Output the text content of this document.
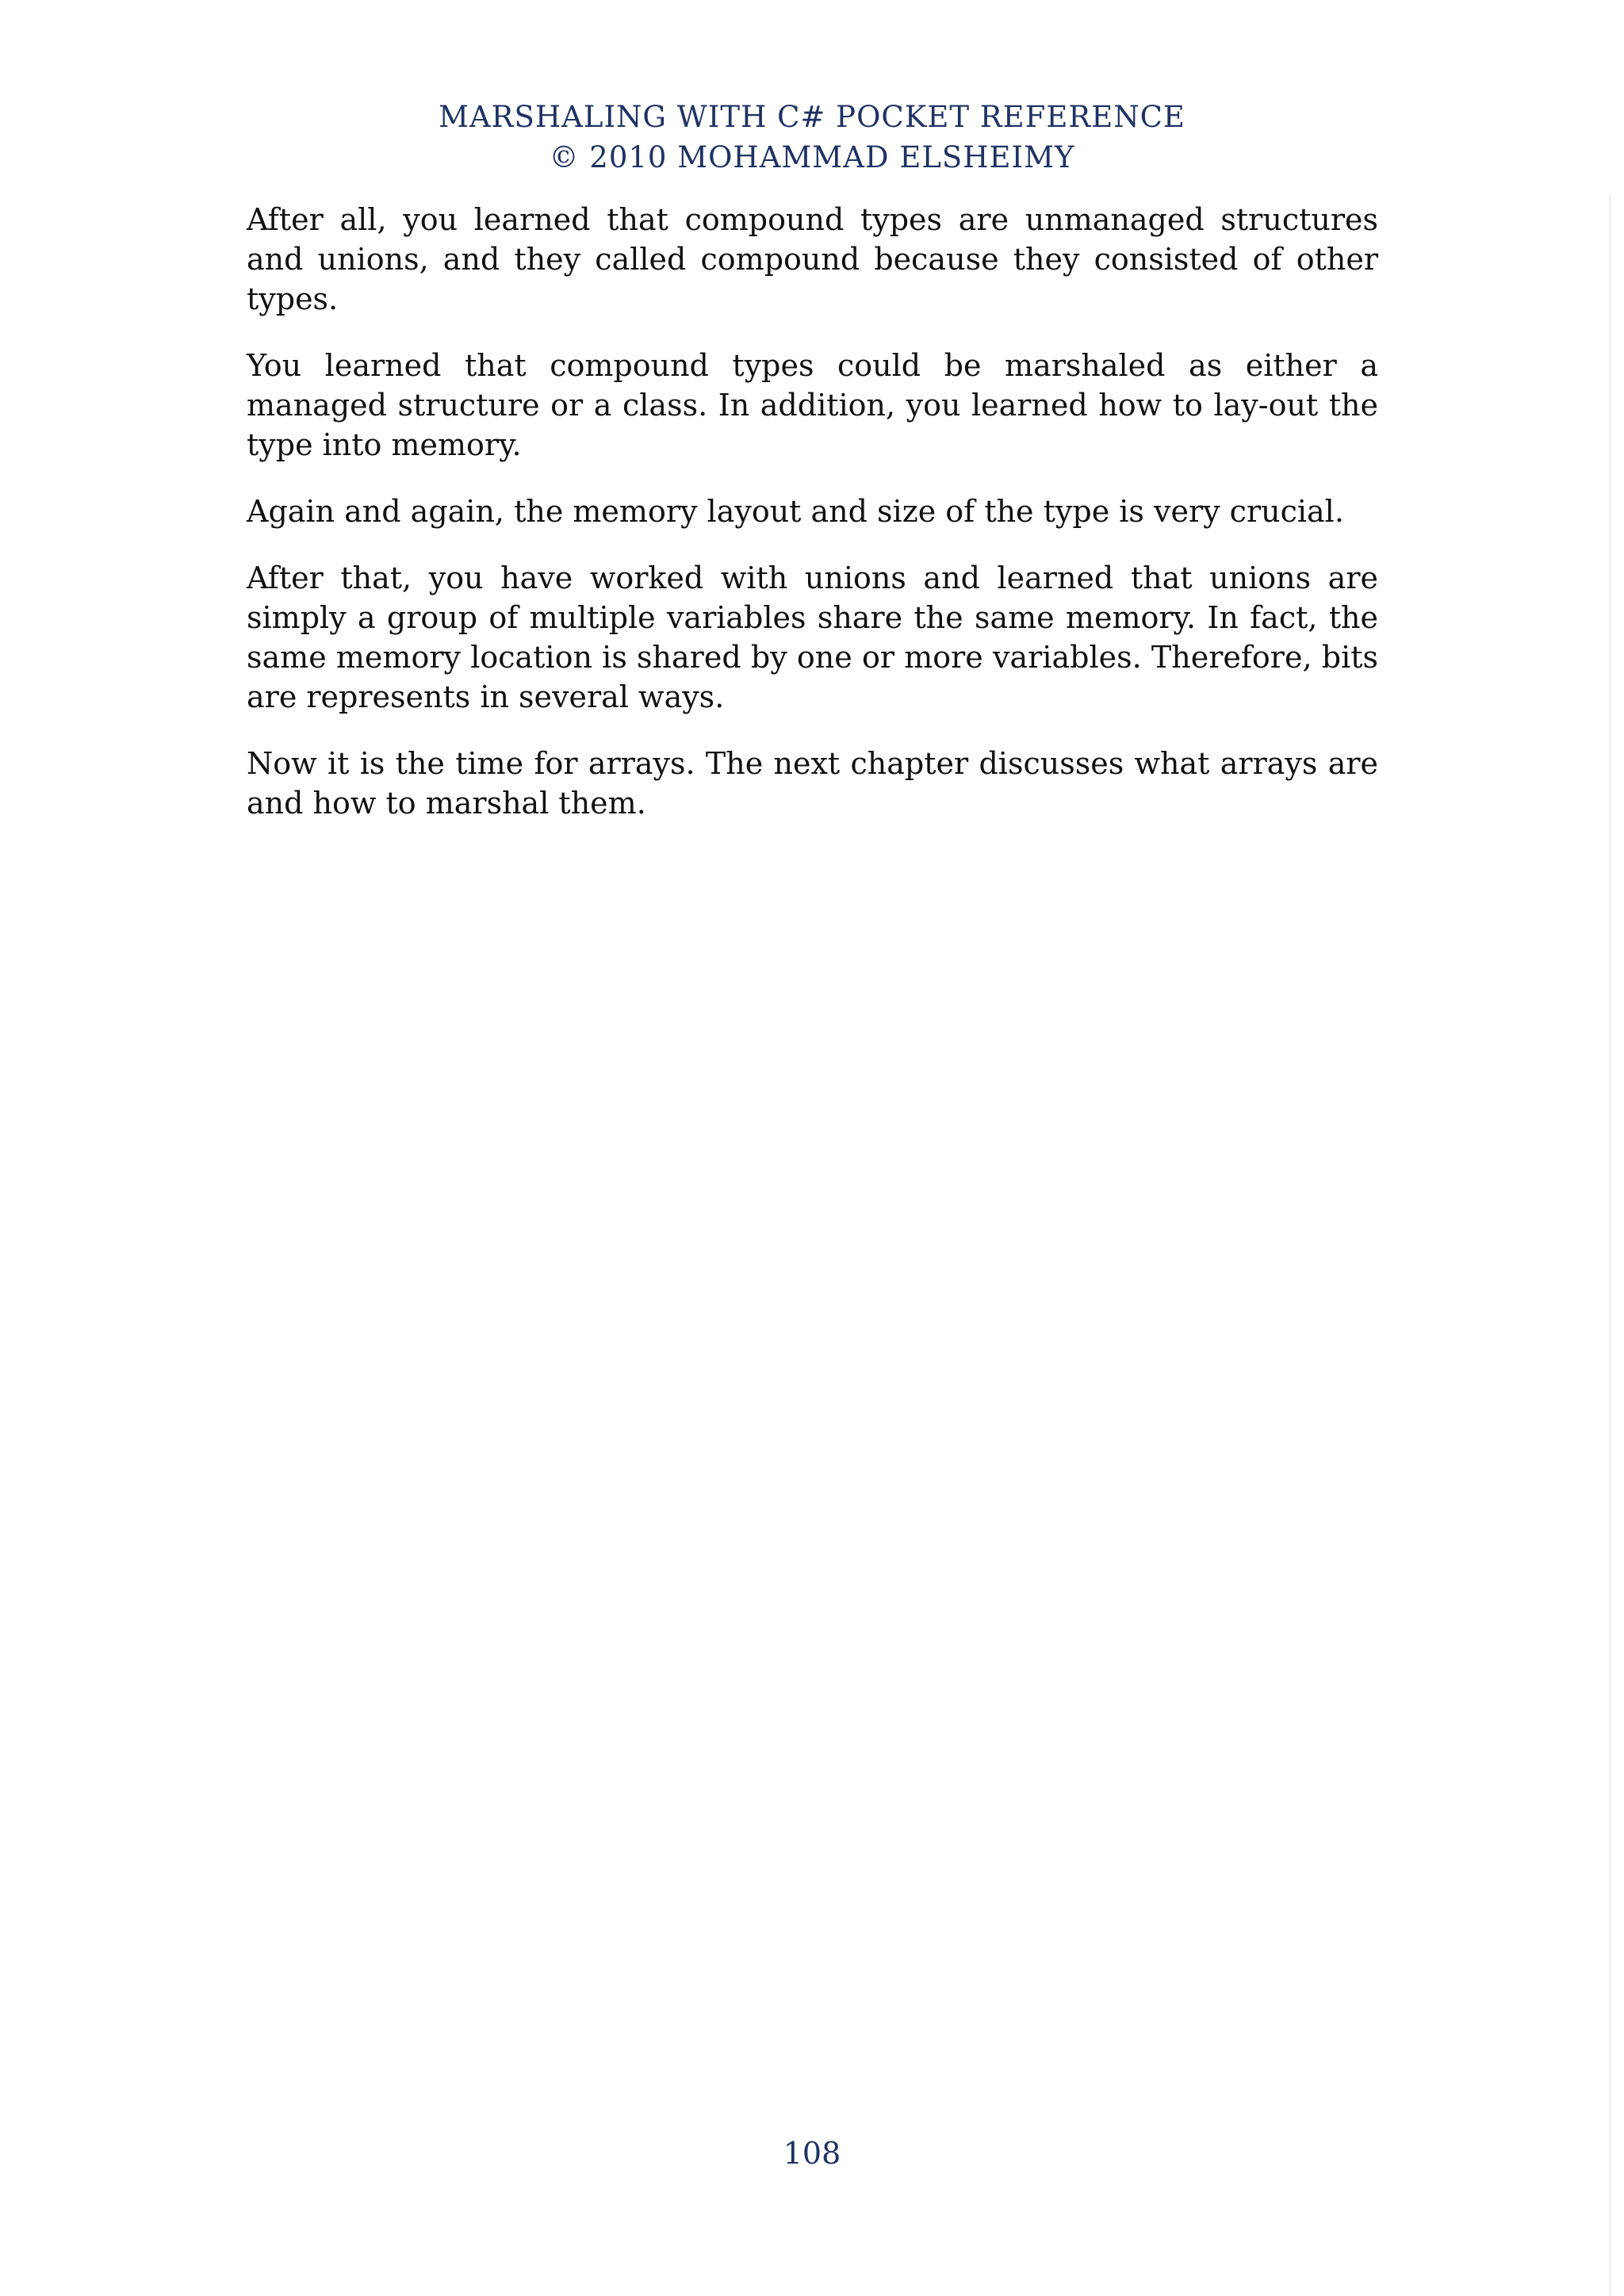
MARSHALING WITH C# POCKET REFERENCE
© 2010 MOHAMMAD ELSHEIMY

After all, you learned that compound types are unmanaged structures and unions, and they called compound because they consisted of other types.

You learned that compound types could be marshaled as either a managed structure or a class. In addition, you learned how to lay-out the type into memory.

Again and again, the memory layout and size of the type is very crucial.

After that, you have worked with unions and learned that unions are simply a group of multiple variables share the same memory. In fact, the same memory location is shared by one or more variables. Therefore, bits are represents in several ways.

Now it is the time for arrays. The next chapter discusses what arrays are and how to marshal them.

108
